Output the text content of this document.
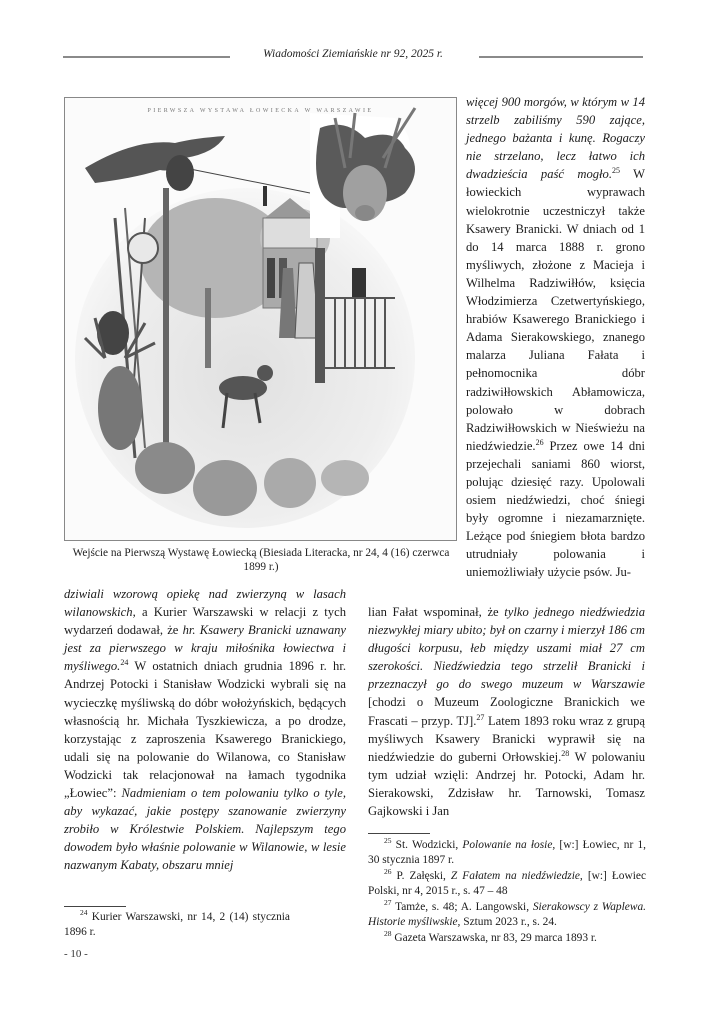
Wiadomości Ziemiańskie nr 92, 2025 r.
PIERWSZA WYSTAWA ŁOWIECKA W WARSZAWIE
Wejście na Pierwszą Wystawę Łowiecką (Biesiada Literacka, nr 24, 4 (16) czerwca 1899 r.)

więcej 900 morgów, w którym w 14 strzelb zabiliśmy 590 zające, jednego bażanta i kunę. Rogaczy nie strzelano, lecz łatwo ich dwadzieścia paść mogło.$^{25}$ W łowieckich wyprawach wielokrotnie uczestniczył także Ksawery Branicki. W dniach od 1 do 14 marca 1888 r. grono myśliwych, złożone z Macieja i Wilhelma Radziwiłłów, księcia Włodzimierza Czetwertyńskiego, hrabiów Ksawerego Branickiego i Adama Sierakowskiego, znanego malarza Juliana Fałata i pełnomocnika dóbr radziwiłłowskich Abłamowicza, polowało w dobrach Radziwiłłowskich w Nieświeżu na niedźwiedzie.$^{26}$ Przez owe 14 dni przejechali saniami 860 wiorst, polując dziesięć razy. Upolowali osiem niedźwiedzi, choć śniegi były ogromne i niezamarznięte. Leżące pod śniegiem błota bardzo utrudniały polowania i uniemożliwiały użycie psów. Ju-

dziwiali wzorową opiekę nad zwierzyną w lasach wilanowskich, a Kurier Warszawski w relacji z tych wydarzeń dodawał, że hr. Ksawery Branicki uznawany jest za pierwszego w kraju miłośnika łowiectwa i myśliwego.$^{24}$ W ostatnich dniach grudnia 1896 r. hr. Andrzej Potocki i Stanisław Wodzicki wybrali się na wycieczkę myśliwską do dóbr wołożyńskich, będących własnością hr. Michała Tyszkiewicza, a po drodze, korzystając z zaproszenia Ksawerego Branickiego, udali się na polowanie do Wilanowa, co Stanisław Wodzicki tak relacjonował na łamach tygodnika „Łowiec”: Nadmieniam o tem polowaniu tylko o tyle, aby wykazać, jakie postępy szanowanie zwierzyny zrobiło w Królestwie Polskiem. Najlepszym tego dowodem było właśnie polowanie w Wilanowie, w lesie nazwanym Kabaty, obszaru mniej

lian Fałat wspominał, że tylko jednego niedźwiedzia niezwykłej miary ubito; był on czarny i mierzył 186 cm długości korpusu, łeb między uszami miał 27 cm szerokości. Niedźwiedzia tego strzelił Branicki i przeznaczył go do swego muzeum w Warszawie [chodzi o Muzeum Zoologiczne Branickich we Frascati – przyp. TJ].$^{27}$ Latem 1893 roku wraz z grupą myśliwych Ksawery Branicki wyprawił się na niedźwiedzie do guberni Orłowskiej.$^{28}$ W polowaniu tym udział wzięli: Andrzej hr. Potocki, Adam hr. Sierakowski, Zdzisław hr. Tarnowski, Tomasz Gajkowski i Jan

$^{24}$ Kurier Warszawski, nr 14, 2 (14) stycznia 1896 r.

$^{25}$ St. Wodzicki, Polowanie na łosie, [w:] Łowiec, nr 1, 30 stycznia 1897 r.

$^{26}$ P. Załęski, Z Fałatem na niedźwiedzie, [w:] Łowiec Polski, nr 4, 2015 r., s. 47 – 48

$^{27}$ Tamże, s. 48; A. Langowski, Sierakowscy z Waplewa. Historie myśliwskie, Sztum 2023 r., s. 24.

$^{28}$ Gazeta Warszawska, nr 83, 29 marca 1893 r.

- 10 -
